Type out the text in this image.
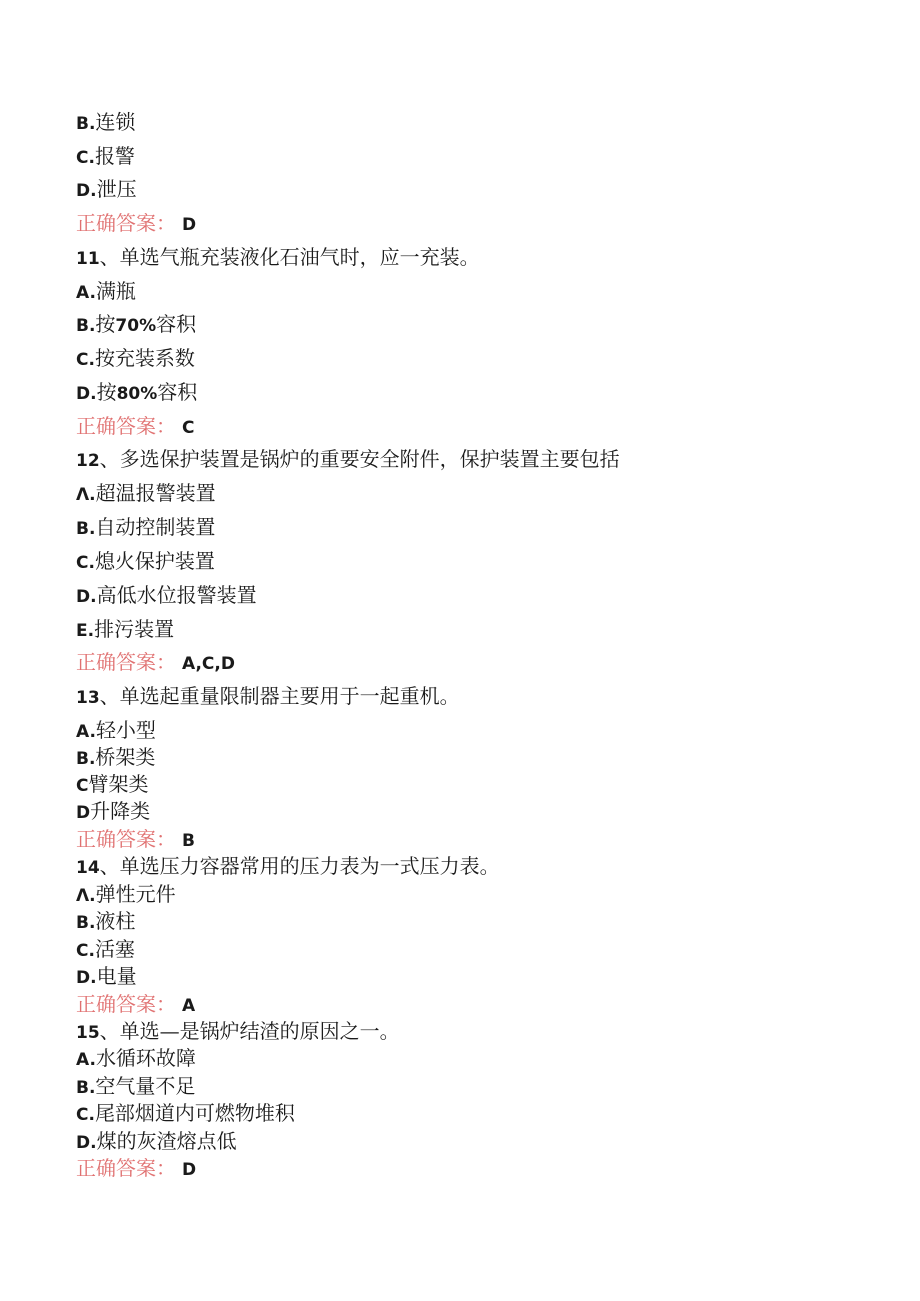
B.连锁
C.报警
D.泄压
正确答案： D
11、单选气瓶充装液化石油气时，应一充装。
A.满瓶
B.按70%容积
C.按充装系数
D.按80%容积
正确答案： C
12、多选保护装置是锅炉的重要安全附件，保护装置主要包括
Λ.超温报警装置
B.自动控制装置
C.熄火保护装置
D.高低水位报警装置
E.排污装置
正确答案： A,C,D
13、单选起重量限制器主要用于一起重机。
A.轻小型
B.桥架类
C臂架类
D升降类
正确答案： B
14、单选压力容器常用的压力表为一式压力表。
Λ.弹性元件
B.液柱
C.活塞
D.电量
正确答案： A
15、单选—是锅炉结渣的原因之一。
A.水循环故障
B.空气量不足
C.尾部烟道内可燃物堆积
D.煤的灰渣熔点低
正确答案： D
